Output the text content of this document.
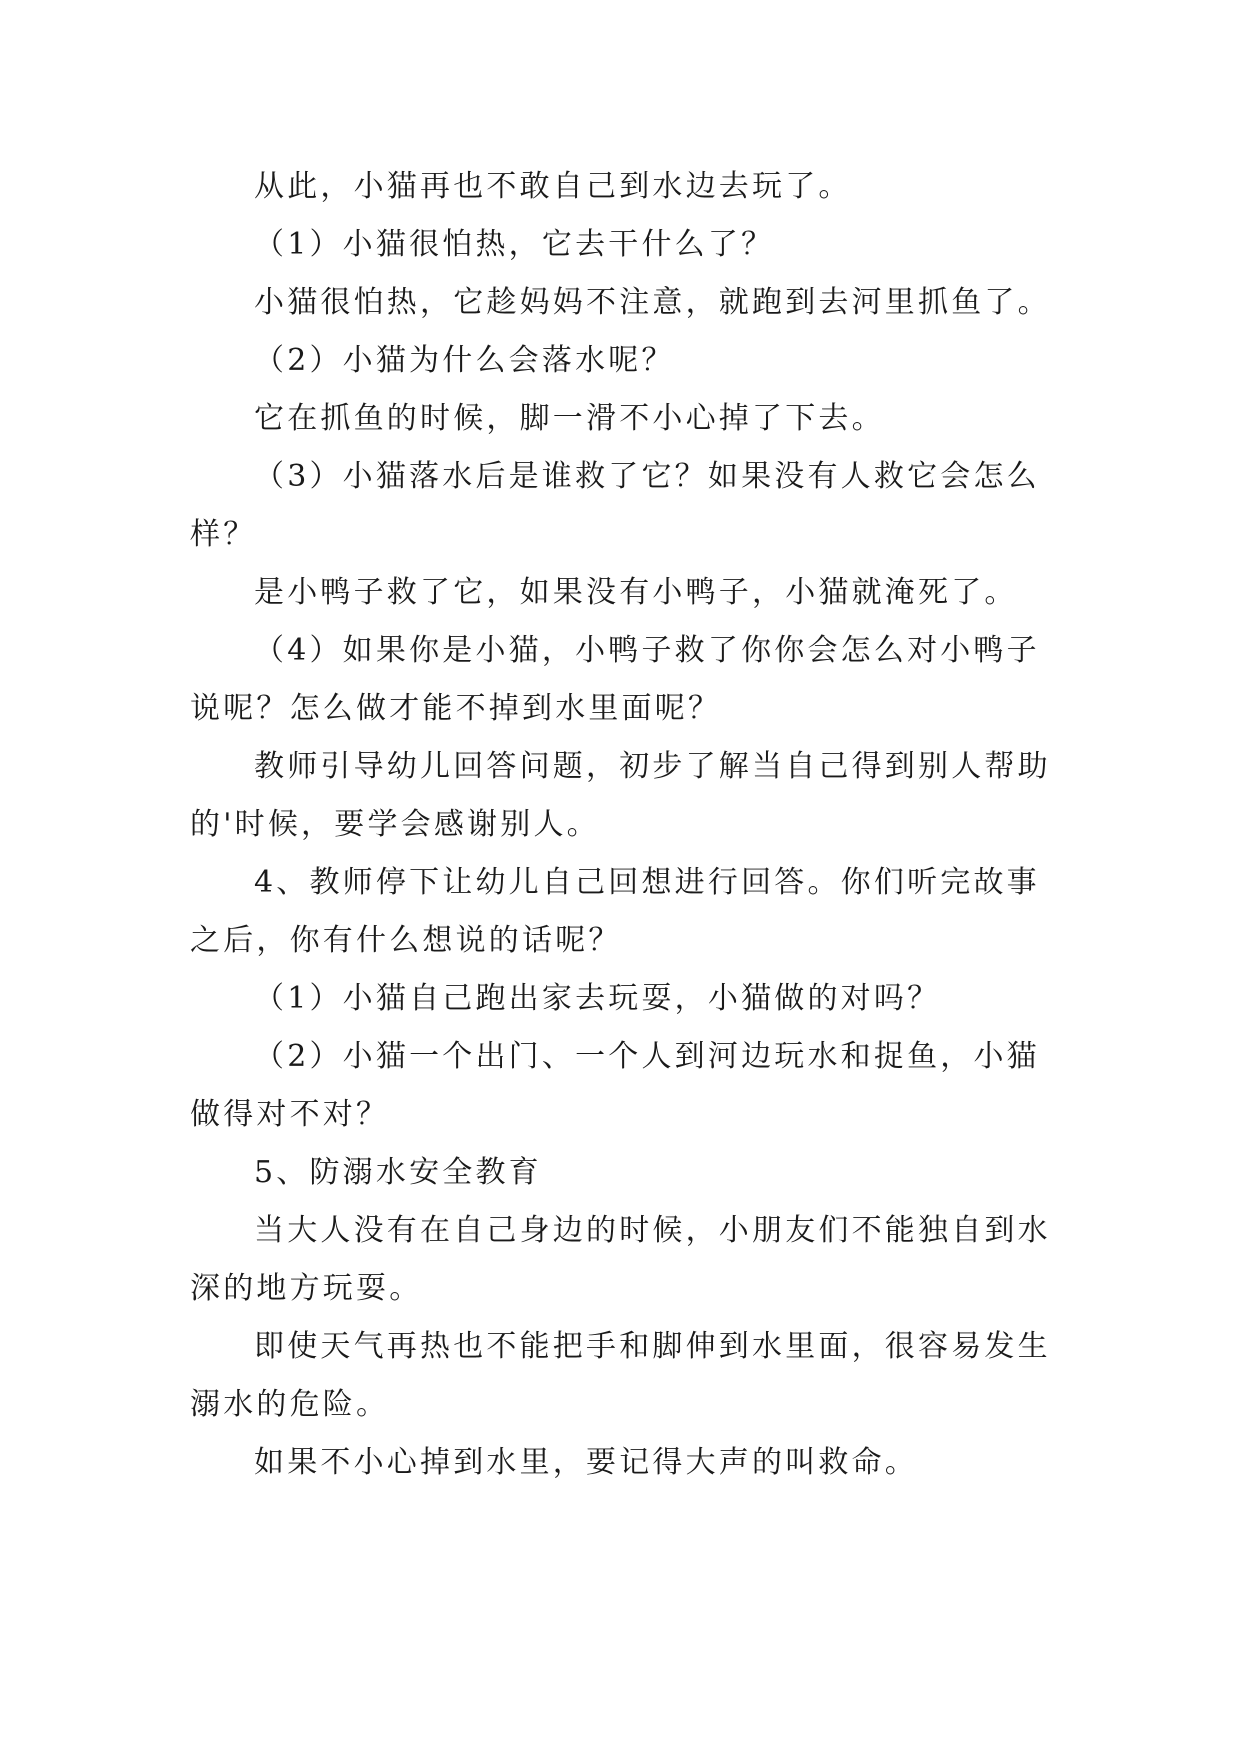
从此，小猫再也不敢自己到水边去玩了。

（1）小猫很怕热，它去干什么了？

小猫很怕热，它趁妈妈不注意，就跑到去河里抓鱼了。

（2）小猫为什么会落水呢？

它在抓鱼的时候，脚一滑不小心掉了下去。

（3）小猫落水后是谁救了它？如果没有人救它会怎么样？

是小鸭子救了它，如果没有小鸭子，小猫就淹死了。

（4）如果你是小猫，小鸭子救了你你会怎么对小鸭子说呢？怎么做才能不掉到水里面呢？

教师引导幼儿回答问题，初步了解当自己得到别人帮助的'时候，要学会感谢别人。

4、教师停下让幼儿自己回想进行回答。你们听完故事之后，你有什么想说的话呢？

（1）小猫自己跑出家去玩耍，小猫做的对吗？

（2）小猫一个出门、一个人到河边玩水和捉鱼，小猫做得对不对？

5、防溺水安全教育

当大人没有在自己身边的时候，小朋友们不能独自到水深的地方玩耍。

即使天气再热也不能把手和脚伸到水里面，很容易发生溺水的危险。

如果不小心掉到水里，要记得大声的叫救命。
